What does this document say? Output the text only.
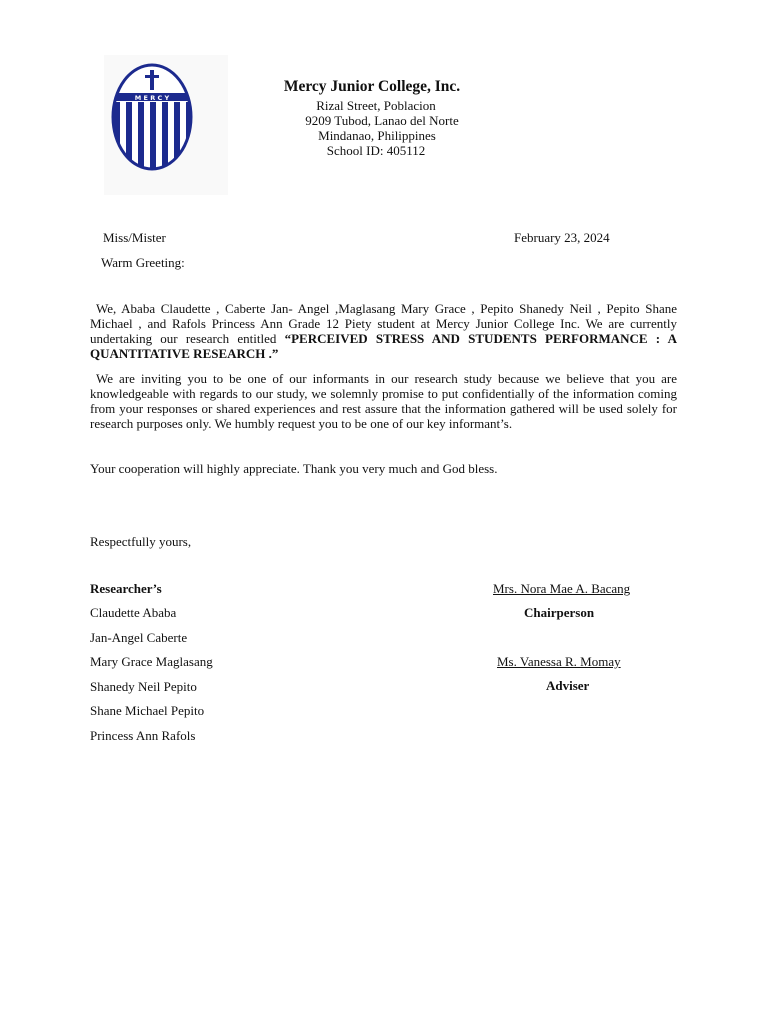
M E R C Y
Mercy Junior College, Inc.
Rizal Street, Poblacion
9209 Tubod, Lanao del Norte
Mindanao, Philippines
School ID: 405112
Miss/Mister	February 23, 2024
Warm Greeting:
We, Ababa Claudette , Caberte Jan- Angel ,Maglasang Mary Grace , Pepito Shanedy Neil , Pepito Shane Michael , and Rafols Princess Ann Grade 12 Piety student at Mercy Junior College Inc. We are currently undertaking our research entitled “PERCEIVED STRESS AND STUDENTS PERFORMANCE : A QUANTITATIVE RESEARCH .”
We are inviting you to be one of our informants in our research study because we believe that you are knowledgeable with regards to our study, we solemnly promise to put confidentially of the information coming from your responses or shared experiences and rest assure that the information gathered will be used solely for research purposes only. We humbly request you to be one of our key informant’s.
Your cooperation will highly appreciate. Thank you very much and God bless.
Respectfully yours,
Researcher’s
Claudette Ababa
Jan-Angel Caberte
Mary Grace Maglasang
Shanedy Neil Pepito
Shane Michael Pepito
Princess Ann Rafols
Mrs. Nora Mae A. Bacang
Chairperson
Ms. Vanessa R. Momay
Adviser
